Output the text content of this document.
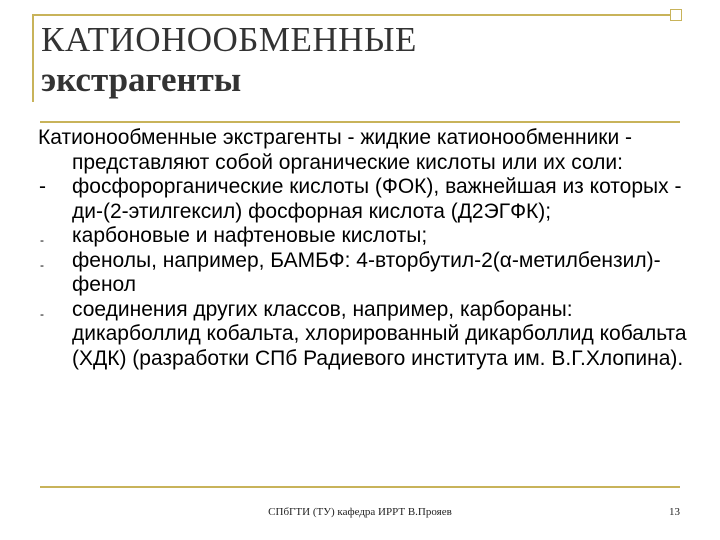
КАТИОНООБМЕННЫЕ
экстрагенты

Катионообменные экстрагенты - жидкие катионообменники - представляют собой органические кислоты или их соли:

- фосфорорганические кислоты (ФОК), важнейшая из которых - ди-(2-этилгексил) фосфорная кислота (Д2ЭГФК);
- карбоновые и нафтеновые кислоты;
- фенолы, например, БАМБФ: 4-вторбутил-2(α-метилбензил)-фенол
- соединения других классов, например, карбораны: дикарболлид кобальта, хлорированный дикарболлид кобальта (ХДК) (разработки СПб Радиевого института им. В.Г.Хлопина).
СПбГТИ (ТУ) кафедра ИРРТ В.Прояев	13
